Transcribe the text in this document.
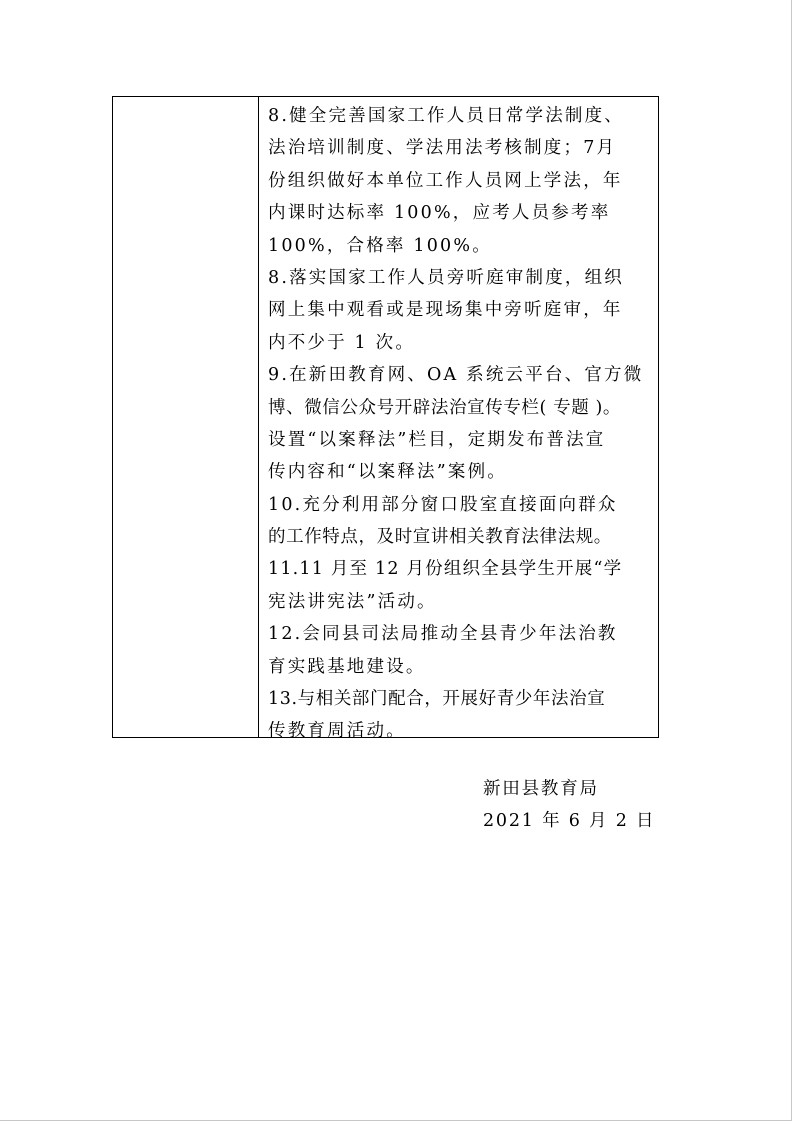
8.健全完善国家工作人员日常学法制度、
法治培训制度、学法用法考核制度；7月
份组织做好本单位工作人员网上学法，年
内课时达标率 100%，应考人员参考率
100%，合格率 100%。
8.落实国家工作人员旁听庭审制度，组织
网上集中观看或是现场集中旁听庭审，年
内不少于 1 次。
9.在新田教育网、OA 系统云平台、官方微
博、微信公众号开辟法治宣传专栏( 专题 )。
设置“以案释法”栏目，定期发布普法宣
传内容和“以案释法”案例。
10.充分利用部分窗口股室直接面向群众
的工作特点，及时宣讲相关教育法律法规。
11.11 月至 12 月份组织全县学生开展“学
宪法讲宪法”活动。
12.会同县司法局推动全县青少年法治教
育实践基地建设。
13.与相关部门配合，开展好青少年法治宣
传教育周活动。
新田县教育局
2021 年 6 月 2 日
